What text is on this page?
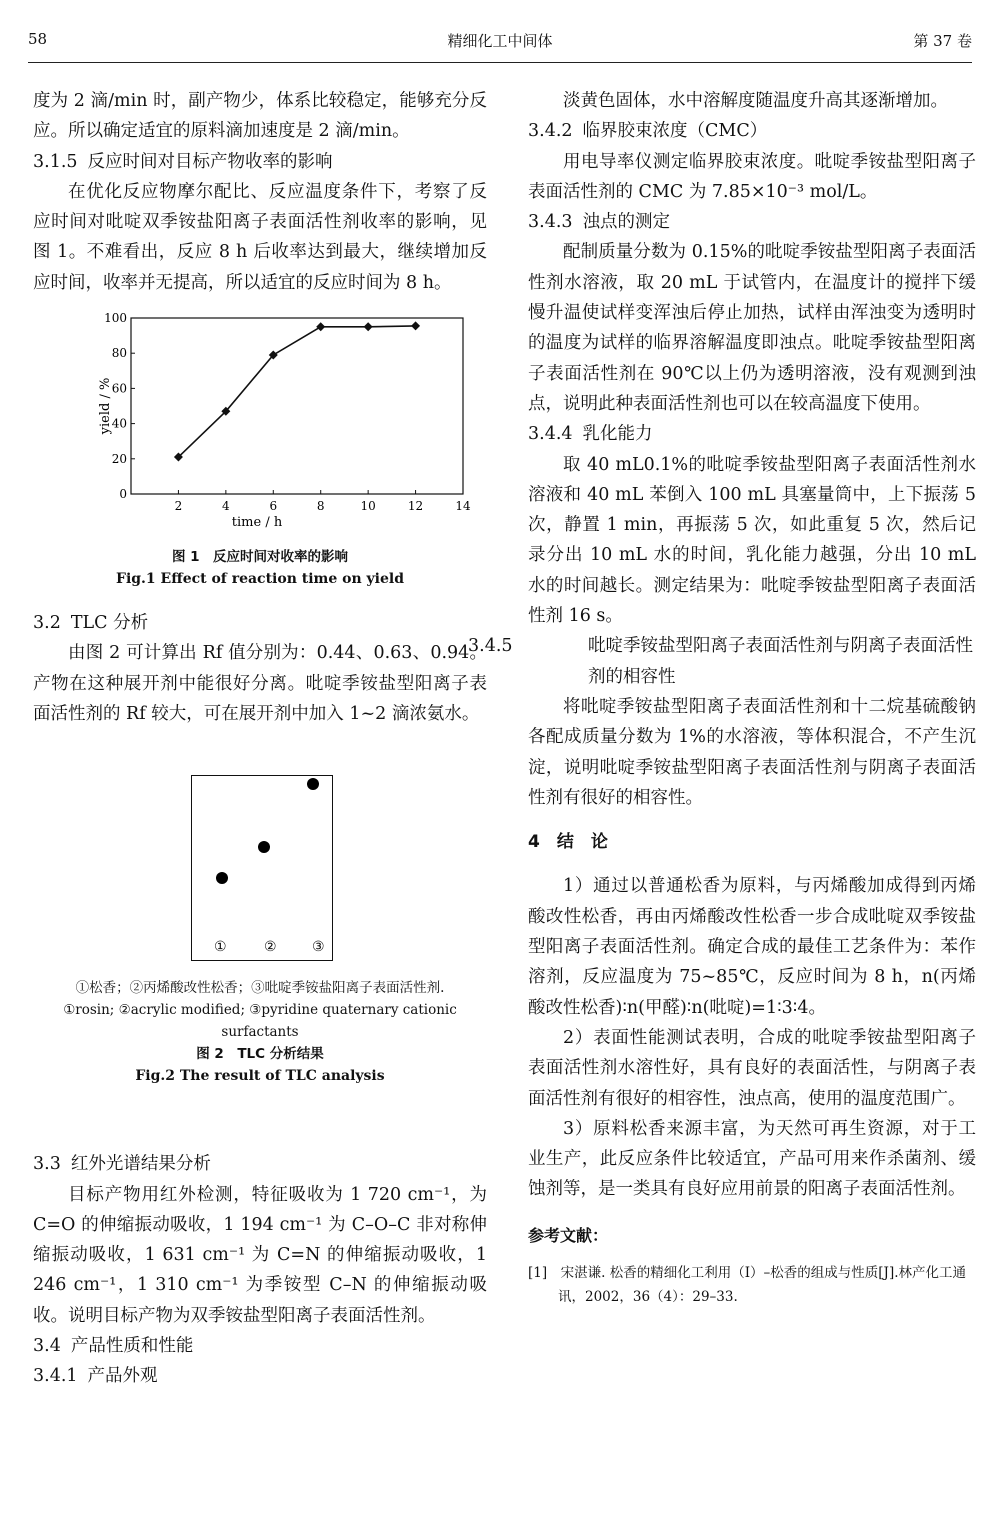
58	精细化工中间体	第 37 卷

度为 2 滴/min 时，副产物少，体系比较稳定，能够充分反应。所以确定适宜的原料滴加速度是 2 滴/min。

3.1.5 反应时间对目标产物收率的影响

在优化反应物摩尔配比、反应温度条件下，考察了反应时间对吡啶双季铵盐阳离子表面活性剂收率的影响，见图 1。不难看出，反应 8 h 后收率达到最大，继续增加反应时间，收率并无提高，所以适宜的反应时间为 8 h。

2	4	6	8	10	12	14
0
20
40
60
80
100
time / h
yield / %
图 1　反应时间对收率的影响
Fig.1 Effect of reaction time on yield
3.2 TLC 分析

由图 2 可计算出 Rf 值分别为：0.44、0.63、0.94。产物在这种展开剂中能很好分离。吡啶季铵盐型阳离子表面活性剂的 Rf 较大，可在展开剂中加入 1~2 滴浓氨水。

①	②	③
①松香；②丙烯酸改性松香；③吡啶季铵盐阳离子表面活性剂.
①rosin; ②acrylic modified; ③pyridine quaternary cationic surfactants
图 2　TLC 分析结果
Fig.2 The result of TLC analysis
3.3 红外光谱结果分析

目标产物用红外检测，特征吸收为 1 720 cm⁻¹，为 C=O 的伸缩振动吸收，1 194 cm⁻¹ 为 C–O–C 非对称伸缩振动吸收，1 631 cm⁻¹ 为 C=N 的伸缩振动吸收，1 246 cm⁻¹，1 310 cm⁻¹ 为季铵型 C–N 的伸缩振动吸收。说明目标产物为双季铵盐型阳离子表面活性剂。

3.4 产品性质和性能
3.4.1 产品外观

淡黄色固体，水中溶解度随温度升高其逐渐增加。

3.4.2 临界胶束浓度（CMC）

用电导率仪测定临界胶束浓度。吡啶季铵盐型阳离子表面活性剂的 CMC 为 7.85×10⁻³ mol/L。

3.4.3 浊点的测定

配制质量分数为 0.15%的吡啶季铵盐型阳离子表面活性剂水溶液，取 20 mL 于试管内，在温度计的搅拌下缓慢升温使试样变浑浊后停止加热，试样由浑浊变为透明时的温度为试样的临界溶解温度即浊点。吡啶季铵盐型阳离子表面活性剂在 90℃以上仍为透明溶液，没有观测到浊点，说明此种表面活性剂也可以在较高温度下使用。

3.4.4 乳化能力

取 40 mL0.1%的吡啶季铵盐型阳离子表面活性剂水溶液和 40 mL 苯倒入 100 mL 具塞量筒中，上下振荡 5 次，静置 1 min，再振荡 5 次，如此重复 5 次，然后记录分出 10 mL 水的时间，乳化能力越强，分出 10 mL 水的时间越长。测定结果为：吡啶季铵盐型阳离子表面活性剂 16 s。

3.4.5	吡啶季铵盐型阳离子表面活性剂与阴离子表面活性剂的相容性

将吡啶季铵盐型阳离子表面活性剂和十二烷基硫酸钠各配成质量分数为 1%的水溶液，等体积混合，不产生沉淀，说明吡啶季铵盐型阳离子表面活性剂与阴离子表面活性剂有很好的相容性。

4　结　论

1）通过以普通松香为原料，与丙烯酸加成得到丙烯酸改性松香，再由丙烯酸改性松香一步合成吡啶双季铵盐型阳离子表面活性剂。确定合成的最佳工艺条件为：苯作溶剂，反应温度为 75~85℃，反应时间为 8 h，n(丙烯酸改性松香)∶n(甲醛)∶n(吡啶)=1∶3∶4。

2）表面性能测试表明，合成的吡啶季铵盐型阳离子表面活性剂水溶性好，具有良好的表面活性，与阴离子表面活性剂有很好的相容性，浊点高，使用的温度范围广。

3）原料松香来源丰富，为天然可再生资源，对于工业生产，此反应条件比较适宜，产品可用来作杀菌剂、缓蚀剂等，是一类具有良好应用前景的阳离子表面活性剂。

参考文献：
[1]　宋湛谦. 松香的精细化工利用（I）–松香的组成与性质[J].林产化工通讯，2002，36（4）：29–33.
